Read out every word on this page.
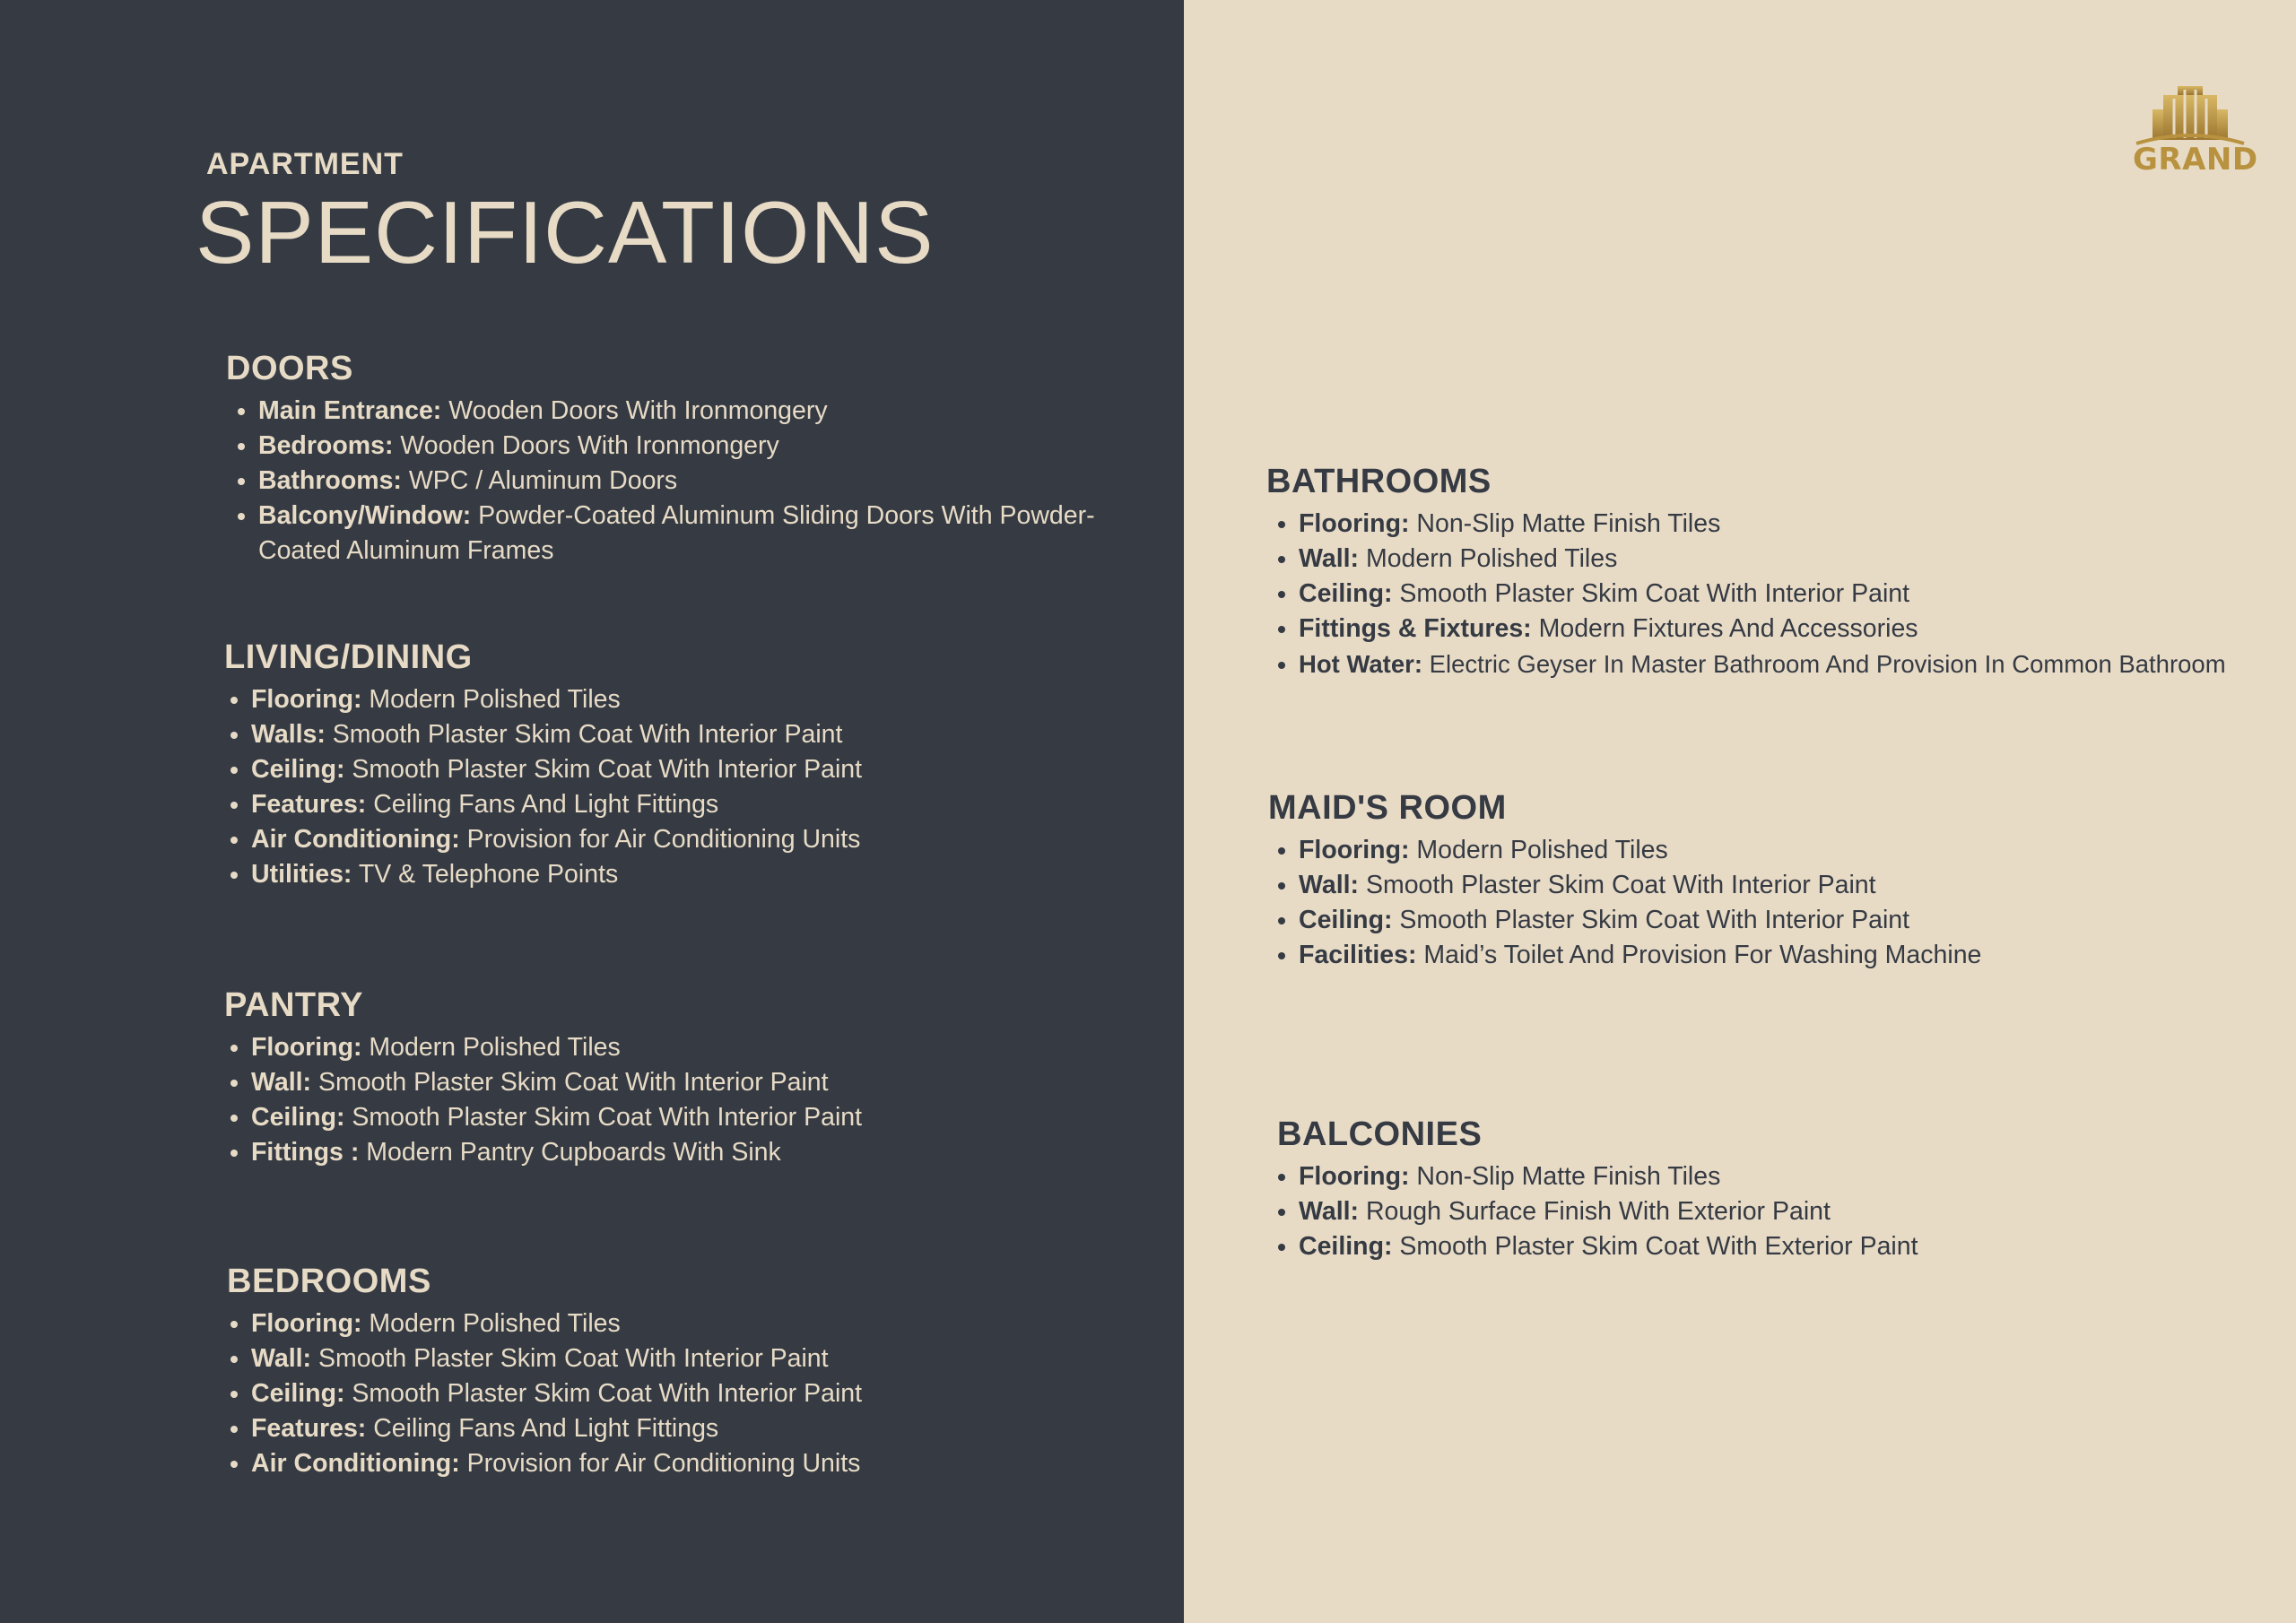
APARTMENT
SPECIFICATIONS
DOORS
• Main Entrance: Wooden Doors With Ironmongery
• Bedrooms: Wooden Doors With Ironmongery
• Bathrooms: WPC / Aluminum Doors
• Balcony/Window: Powder-Coated Aluminum Sliding Doors With Powder-Coated Aluminum Frames
LIVING/DINING
• Flooring: Modern Polished Tiles
• Walls: Smooth Plaster Skim Coat With Interior Paint
• Ceiling: Smooth Plaster Skim Coat With Interior Paint
• Features: Ceiling Fans And Light Fittings
• Air Conditioning: Provision for Air Conditioning Units
• Utilities: TV & Telephone Points
PANTRY
• Flooring: Modern Polished Tiles
• Wall: Smooth Plaster Skim Coat With Interior Paint
• Ceiling: Smooth Plaster Skim Coat With Interior Paint
• Fittings : Modern Pantry Cupboards With Sink
BEDROOMS
• Flooring: Modern Polished Tiles
• Wall: Smooth Plaster Skim Coat With Interior Paint
• Ceiling: Smooth Plaster Skim Coat With Interior Paint
• Features: Ceiling Fans And Light Fittings
• Air Conditioning: Provision for Air Conditioning Units
GRAND
BATHROOMS
• Flooring: Non-Slip Matte Finish Tiles
• Wall: Modern Polished Tiles
• Ceiling: Smooth Plaster Skim Coat With Interior Paint
• Fittings & Fixtures: Modern Fixtures And Accessories
• Hot Water: Electric Geyser In Master Bathroom And Provision In Common Bathroom
MAID'S ROOM
• Flooring: Modern Polished Tiles
• Wall: Smooth Plaster Skim Coat With Interior Paint
• Ceiling: Smooth Plaster Skim Coat With Interior Paint
• Facilities: Maid’s Toilet And Provision For Washing Machine
BALCONIES
• Flooring: Non-Slip Matte Finish Tiles
• Wall: Rough Surface Finish With Exterior Paint
• Ceiling: Smooth Plaster Skim Coat With Exterior Paint
